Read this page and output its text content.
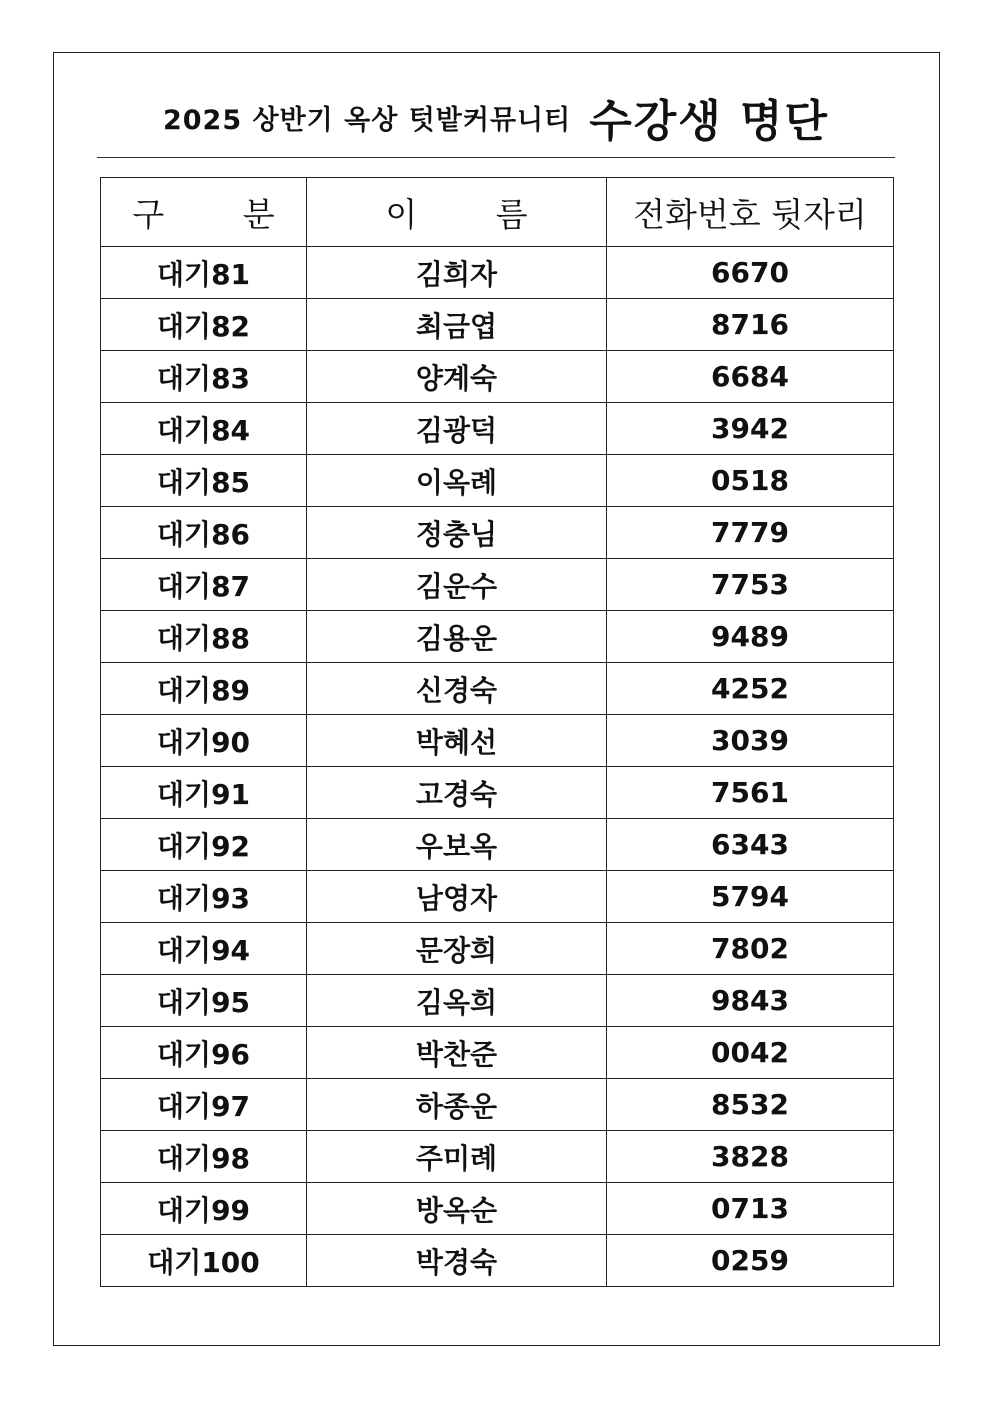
2025 상반기 옥상 텃밭커뮤니티 수강생 명단
구 분	이 름	전화번호 뒷자리
대기81	김희자	6670
대기82	최금엽	8716
대기83	양계숙	6684
대기84	김광덕	3942
대기85	이옥례	0518
대기86	정충님	7779
대기87	김운수	7753
대기88	김용운	9489
대기89	신경숙	4252
대기90	박혜선	3039
대기91	고경숙	7561
대기92	우보옥	6343
대기93	남영자	5794
대기94	문장희	7802
대기95	김옥희	9843
대기96	박찬준	0042
대기97	하종운	8532
대기98	주미례	3828
대기99	방옥순	0713
대기100	박경숙	0259
